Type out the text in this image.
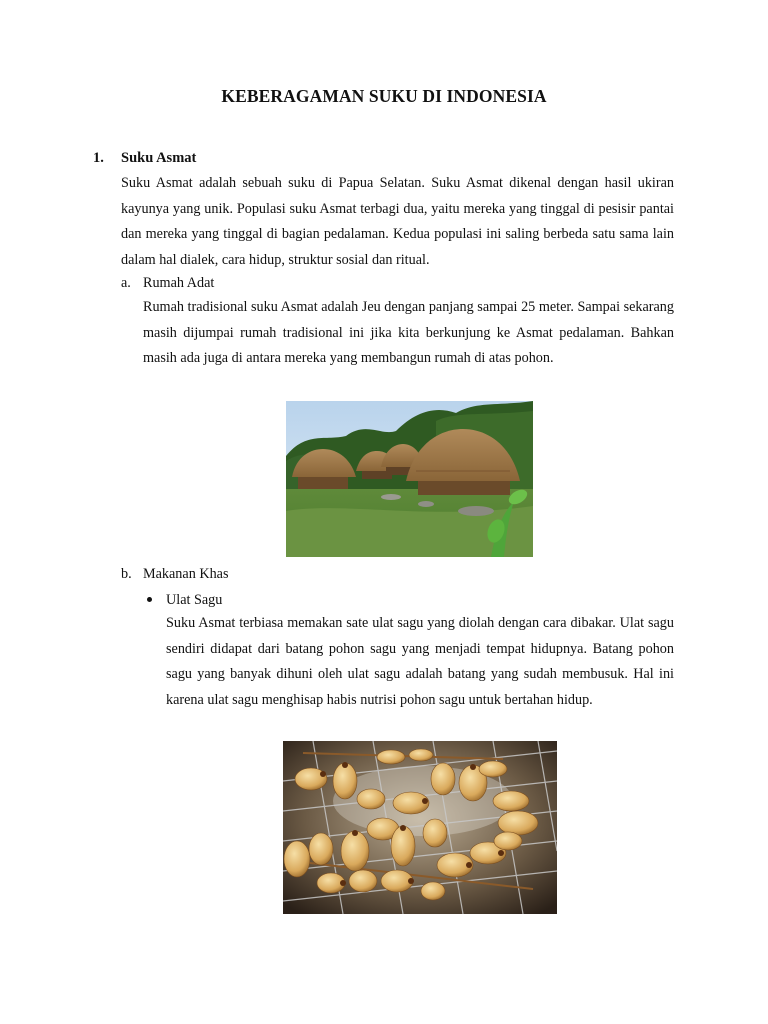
KEBERAGAMAN SUKU DI INDONESIA
1. Suku Asmat

Suku Asmat adalah sebuah suku di Papua Selatan. Suku Asmat dikenal dengan hasil ukiran kayunya yang unik. Populasi suku Asmat terbagi dua, yaitu mereka yang tinggal di pesisir pantai dan mereka yang tinggal di bagian pedalaman. Kedua populasi ini saling berbeda satu sama lain dalam hal dialek, cara hidup, struktur sosial dan ritual.

a. Rumah Adat

Rumah tradisional suku Asmat adalah Jeu dengan panjang sampai 25 meter. Sampai sekarang masih dijumpai rumah tradisional ini jika kita berkunjung ke Asmat pedalaman. Bahkan masih ada juga di antara mereka yang membangun rumah di atas pohon.

b. Makanan Khas
Ulat Sagu

Suku Asmat terbiasa memakan sate ulat sagu yang diolah dengan cara dibakar. Ulat sagu sendiri didapat dari batang pohon sagu yang menjadi tempat hidupnya. Batang pohon sagu yang banyak dihuni oleh ulat sagu adalah batang yang sudah membusuk. Hal ini karena ulat sagu menghisap habis nutrisi pohon sagu untuk bertahan hidup.
